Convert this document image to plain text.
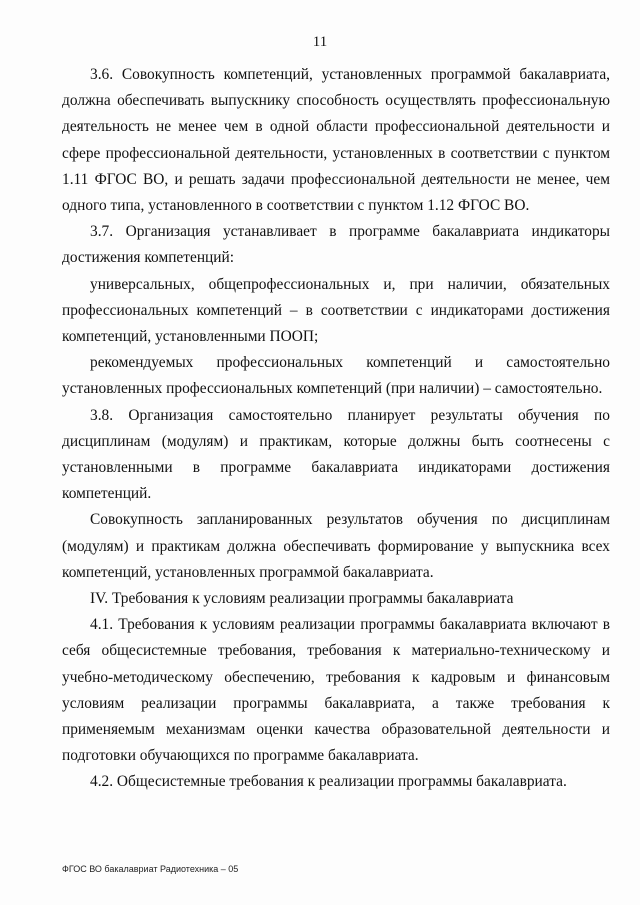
11

3.6. Совокупность компетенций, установленных программой бакалавриата, должна обеспечивать выпускнику способность осуществлять профессиональную деятельность не менее чем в одной области профессиональной деятельности и сфере профессиональной деятельности, установленных в соответствии с пунктом 1.11 ФГОС ВО, и решать задачи профессиональной деятельности не менее, чем одного типа, установленного в соответствии с пунктом 1.12 ФГОС ВО.

3.7. Организация устанавливает в программе бакалавриата индикаторы достижения компетенций:

универсальных, общепрофессиональных и, при наличии, обязательных профессиональных компетенций – в соответствии с индикаторами достижения компетенций, установленными ПООП;

рекомендуемых профессиональных компетенций и самостоятельно установленных профессиональных компетенций (при наличии) – самостоятельно.

3.8. Организация самостоятельно планирует результаты обучения по дисциплинам (модулям) и практикам, которые должны быть соотнесены с установленными в программе бакалавриата индикаторами достижения компетенций.

Совокупность запланированных результатов обучения по дисциплинам (модулям) и практикам должна обеспечивать формирование у выпускника всех компетенций, установленных программой бакалавриата.

IV. Требования к условиям реализации программы бакалавриата

4.1. Требования к условиям реализации программы бакалавриата включают в себя общесистемные требования, требования к материально-техническому и учебно-методическому обеспечению, требования к кадровым и финансовым условиям реализации программы бакалавриата, а также требования к применяемым механизмам оценки качества образовательной деятельности и подготовки обучающихся по программе бакалавриата.

4.2. Общесистемные требования к реализации программы бакалавриата.

ФГОС ВО бакалавриат Радиотехника – 05
